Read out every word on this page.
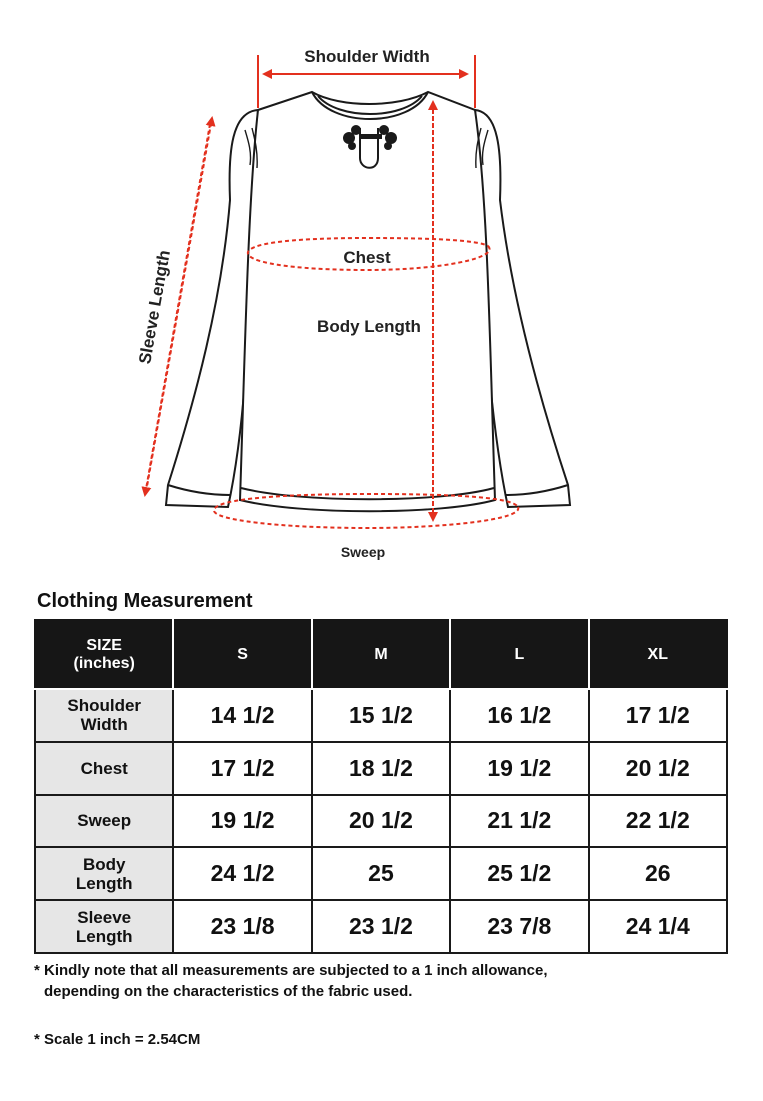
Shoulder Width
Chest
Body Length
Sweep
Sleeve Length
Clothing Measurement
SIZE
(inches)	S	M	L	XL

Shoulder
Width	14 1/2	15 1/2	16 1/2	17 1/2

Chest	17 1/2	18 1/2	19 1/2	20 1/2

Sweep	19 1/2	20 1/2	21 1/2	22 1/2

Body
Length	24 1/2	25	25 1/2	26

Sleeve
Length	23 1/8	23 1/2	23 7/8	24 1/4
* Kindly note that all measurements are subjected to a 1 inch allowance,
depending on the characteristics of the fabric used.
* Scale 1 inch = 2.54CM
